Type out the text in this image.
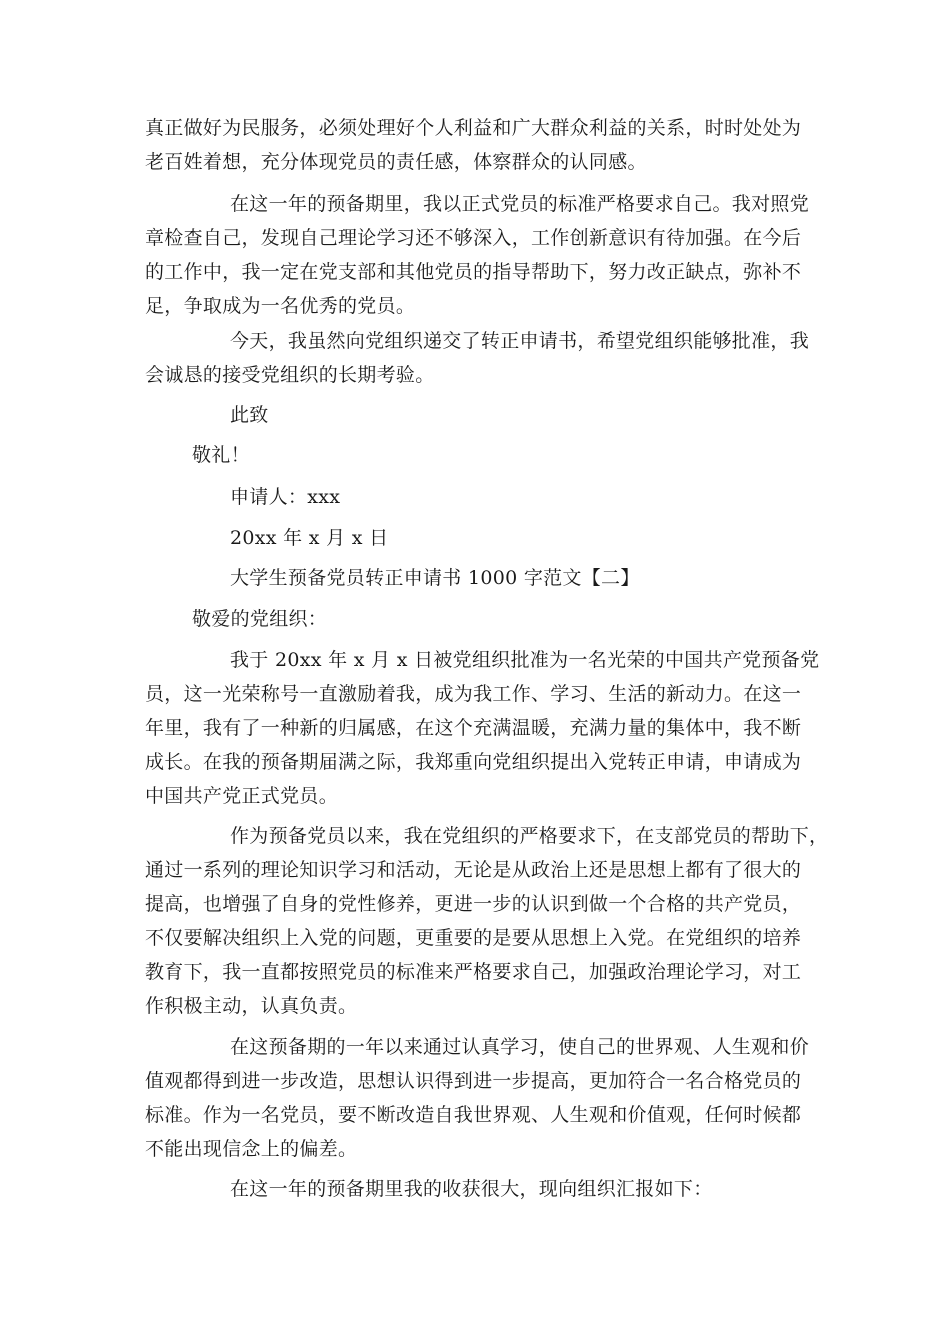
真正做好为民服务，必须处理好个人利益和广大群众利益的关系，时时处处为
老百姓着想，充分体现党员的责任感，体察群众的认同感。
在这一年的预备期里，我以正式党员的标准严格要求自己。我对照党
章检查自己，发现自己理论学习还不够深入，工作创新意识有待加强。在今后
的工作中，我一定在党支部和其他党员的指导帮助下，努力改正缺点，弥补不
足，争取成为一名优秀的党员。
今天，我虽然向党组织递交了转正申请书，希望党组织能够批准，我
会诚恳的接受党组织的长期考验。
此致
敬礼！
申请人：xxx
20xx 年 x 月 x 日
大学生预备党员转正申请书 1000 字范文【二】
敬爱的党组织：
我于 20xx 年 x 月 x 日被党组织批准为一名光荣的中国共产党预备党
员，这一光荣称号一直激励着我，成为我工作、学习、生活的新动力。在这一
年里，我有了一种新的归属感，在这个充满温暖，充满力量的集体中，我不断
成长。在我的预备期届满之际，我郑重向党组织提出入党转正申请，申请成为
中国共产党正式党员。
作为预备党员以来，我在党组织的严格要求下，在支部党员的帮助下，
通过一系列的理论知识学习和活动，无论是从政治上还是思想上都有了很大的
提高，也增强了自身的党性修养，更进一步的认识到做一个合格的共产党员，
不仅要解决组织上入党的问题，更重要的是要从思想上入党。在党组织的培养
教育下，我一直都按照党员的标准来严格要求自己，加强政治理论学习，对工
作积极主动，认真负责。
在这预备期的一年以来通过认真学习，使自己的世界观、人生观和价
值观都得到进一步改造，思想认识得到进一步提高，更加符合一名合格党员的
标准。作为一名党员，要不断改造自我世界观、人生观和价值观，任何时候都
不能出现信念上的偏差。
在这一年的预备期里我的收获很大，现向组织汇报如下：
